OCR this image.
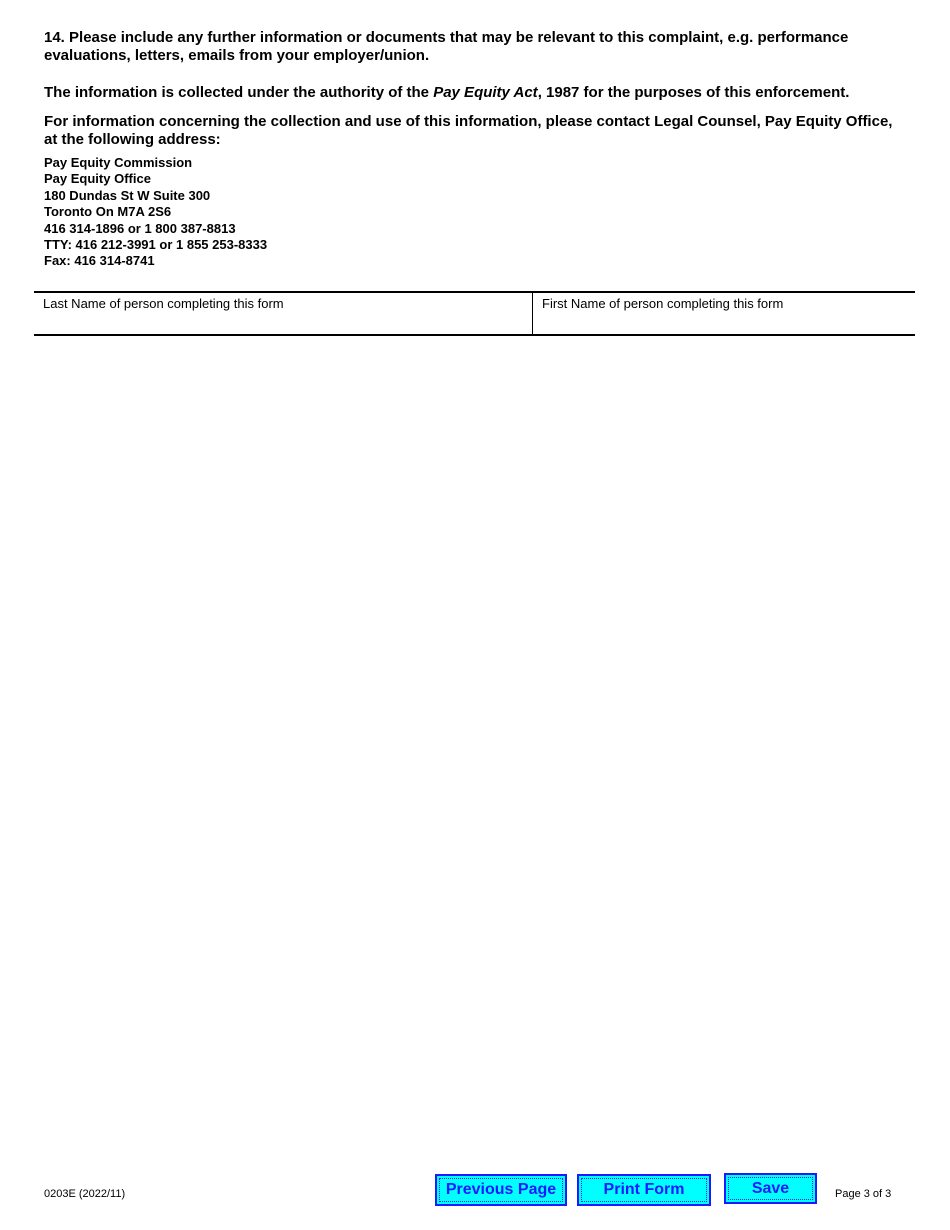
14. Please include any further information or documents that may be relevant to this complaint, e.g. performance evaluations, letters, emails from your employer/union.
The information is collected under the authority of the Pay Equity Act, 1987 for the purposes of this enforcement.
For information concerning the collection and use of this information, please contact Legal Counsel, Pay Equity Office, at the following address:
Pay Equity Commission
Pay Equity Office
180 Dundas St W Suite 300
Toronto On M7A 2S6
416 314-1896 or 1 800 387-8813
TTY: 416 212-3991 or 1 855 253-8333
Fax: 416 314-8741
Last Name of person completing this form	First Name of person completing this form
0203E (2022/11)	Previous Page	Print Form	Save	Page 3 of 3
